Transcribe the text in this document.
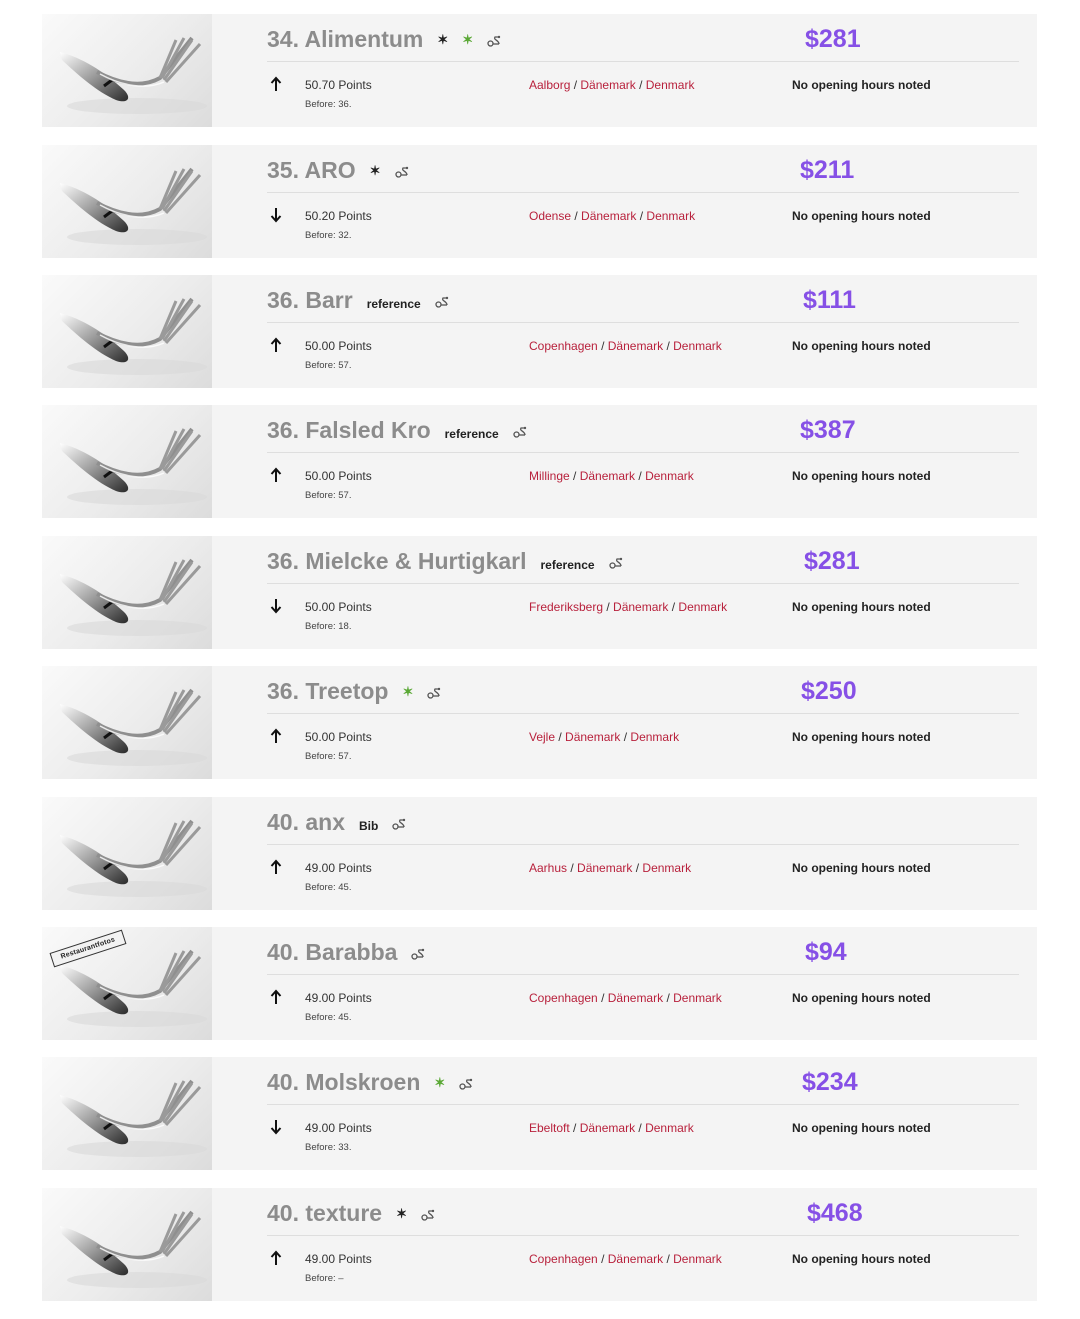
34. Alimentum ✶ ✶	$281
50.70 Points
Before: 36.
Aalborg / Dänemark / Denmark	No opening hours noted
35. ARO ✶	$211
50.20 Points
Before: 32.
Odense / Dänemark / Denmark	No opening hours noted
36. Barr reference	$111
50.00 Points
Before: 57.
Copenhagen / Dänemark / Denmark	No opening hours noted
36. Falsled Kro reference	$387
50.00 Points
Before: 57.
Millinge / Dänemark / Denmark	No opening hours noted
36. Mielcke & Hurtigkarl reference	$281
50.00 Points
Before: 18.
Frederiksberg / Dänemark / Denmark	No opening hours noted
36. Treetop ✶	$250
50.00 Points
Before: 57.
Vejle / Dänemark / Denmark	No opening hours noted
40. anx Bib
49.00 Points
Before: 45.
Aarhus / Dänemark / Denmark	No opening hours noted
Restaurantfotos	40. Barabba	$94
49.00 Points
Before: 45.
Copenhagen / Dänemark / Denmark	No opening hours noted
40. Molskroen ✶	$234
49.00 Points
Before: 33.
Ebeltoft / Dänemark / Denmark	No opening hours noted
40. texture ✶	$468
49.00 Points
Before: –
Copenhagen / Dänemark / Denmark	No opening hours noted
